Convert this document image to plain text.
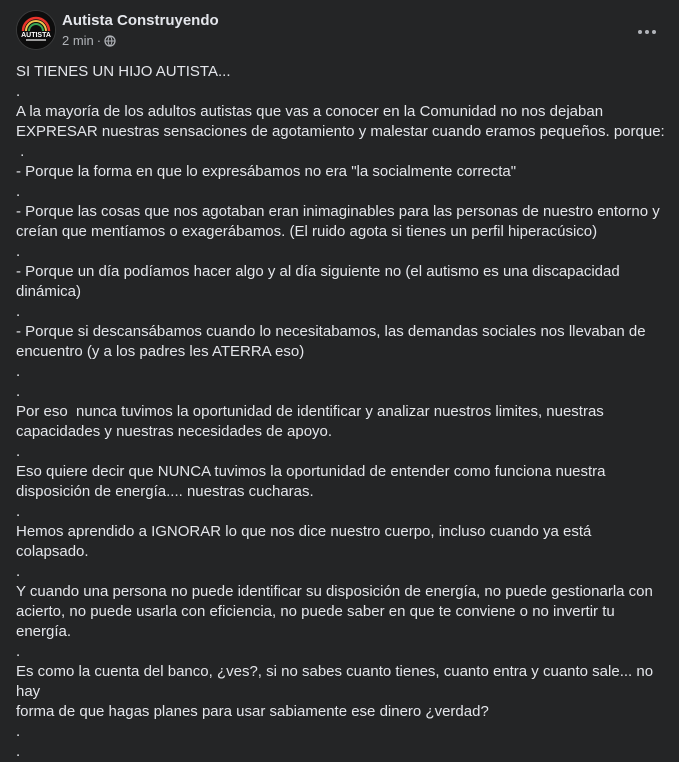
AUTISTA
Autista Construyendo
2 min ·
SI TIENES UN HIJO AUTISTA...
.
A la mayoría de los adultos autistas que vas a conocer en la Comunidad no nos dejaban
EXPRESAR nuestras sensaciones de agotamiento y malestar cuando eramos pequeños. porque:
.
- Porque la forma en que lo expresábamos no era "la socialmente correcta"
.
- Porque las cosas que nos agotaban eran inimaginables para las personas de nuestro entorno y
creían que mentíamos o exagerábamos. (El ruido agota si tienes un perfil hiperacúsico)
.
- Porque un día podíamos hacer algo y al día siguiente no (el autismo es una discapacidad
dinámica)
.
- Porque si descansábamos cuando lo necesitabamos, las demandas sociales nos llevaban de
encuentro (y a los padres les ATERRA eso)
.
.
Por eso  nunca tuvimos la oportunidad de identificar y analizar nuestros limites, nuestras
capacidades y nuestras necesidades de apoyo.
.
Eso quiere decir que NUNCA tuvimos la oportunidad de entender como funciona nuestra
disposición de energía.... nuestras cucharas.
.
Hemos aprendido a IGNORAR lo que nos dice nuestro cuerpo, incluso cuando ya está colapsado.
.
Y cuando una persona no puede identificar su disposición de energía, no puede gestionarla con
acierto, no puede usarla con eficiencia, no puede saber en que te conviene o no invertir tu
energía.
.
Es como la cuenta del banco, ¿ves?, si no sabes cuanto tienes, cuanto entra y cuanto sale... no hay
forma de que hagas planes para usar sabiamente ese dinero ¿verdad?
.
.
